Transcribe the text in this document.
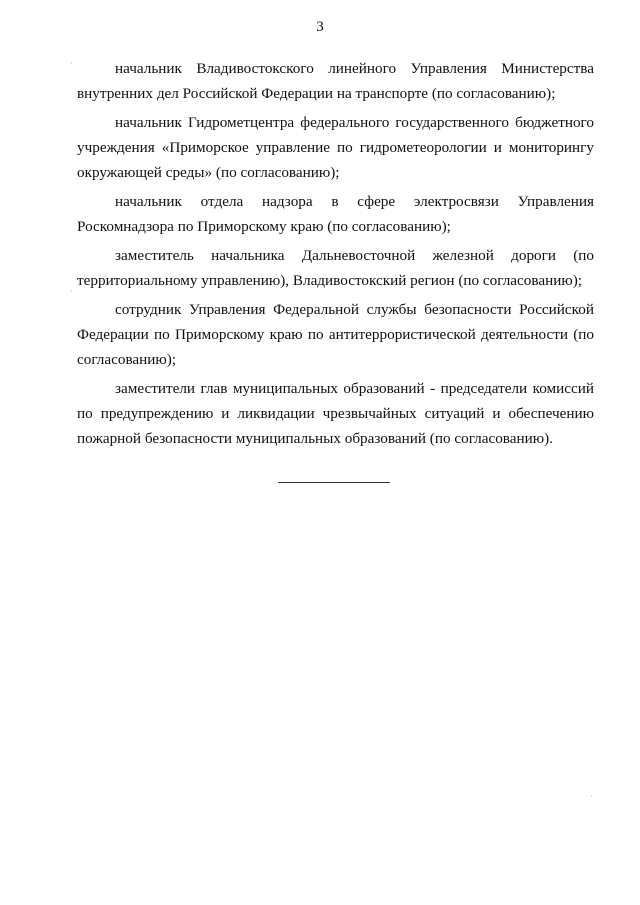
3

начальник Владивостокского линейного Управления Министерства внутренних дел Российской Федерации на транспорте (по согласованию);

начальник Гидрометцентра федерального государственного бюджетного учреждения «Приморское управление по гидрометеорологии и мониторингу окружающей среды» (по согласованию);

начальник отдела надзора в сфере электросвязи Управления Роскомнадзора по Приморскому краю (по согласованию);

заместитель начальника Дальневосточной железной дороги (по территориальному управлению), Владивостокский регион (по согласованию);

сотрудник Управления Федеральной службы безопасности Российской Федерации по Приморскому краю по антитеррористической деятельности (по согласованию);

заместители глав муниципальных образований - председатели комиссий по предупреждению и ликвидации чрезвычайных ситуаций и обеспечению пожарной безопасности муниципальных образований (по согласованию).

·
·
·
